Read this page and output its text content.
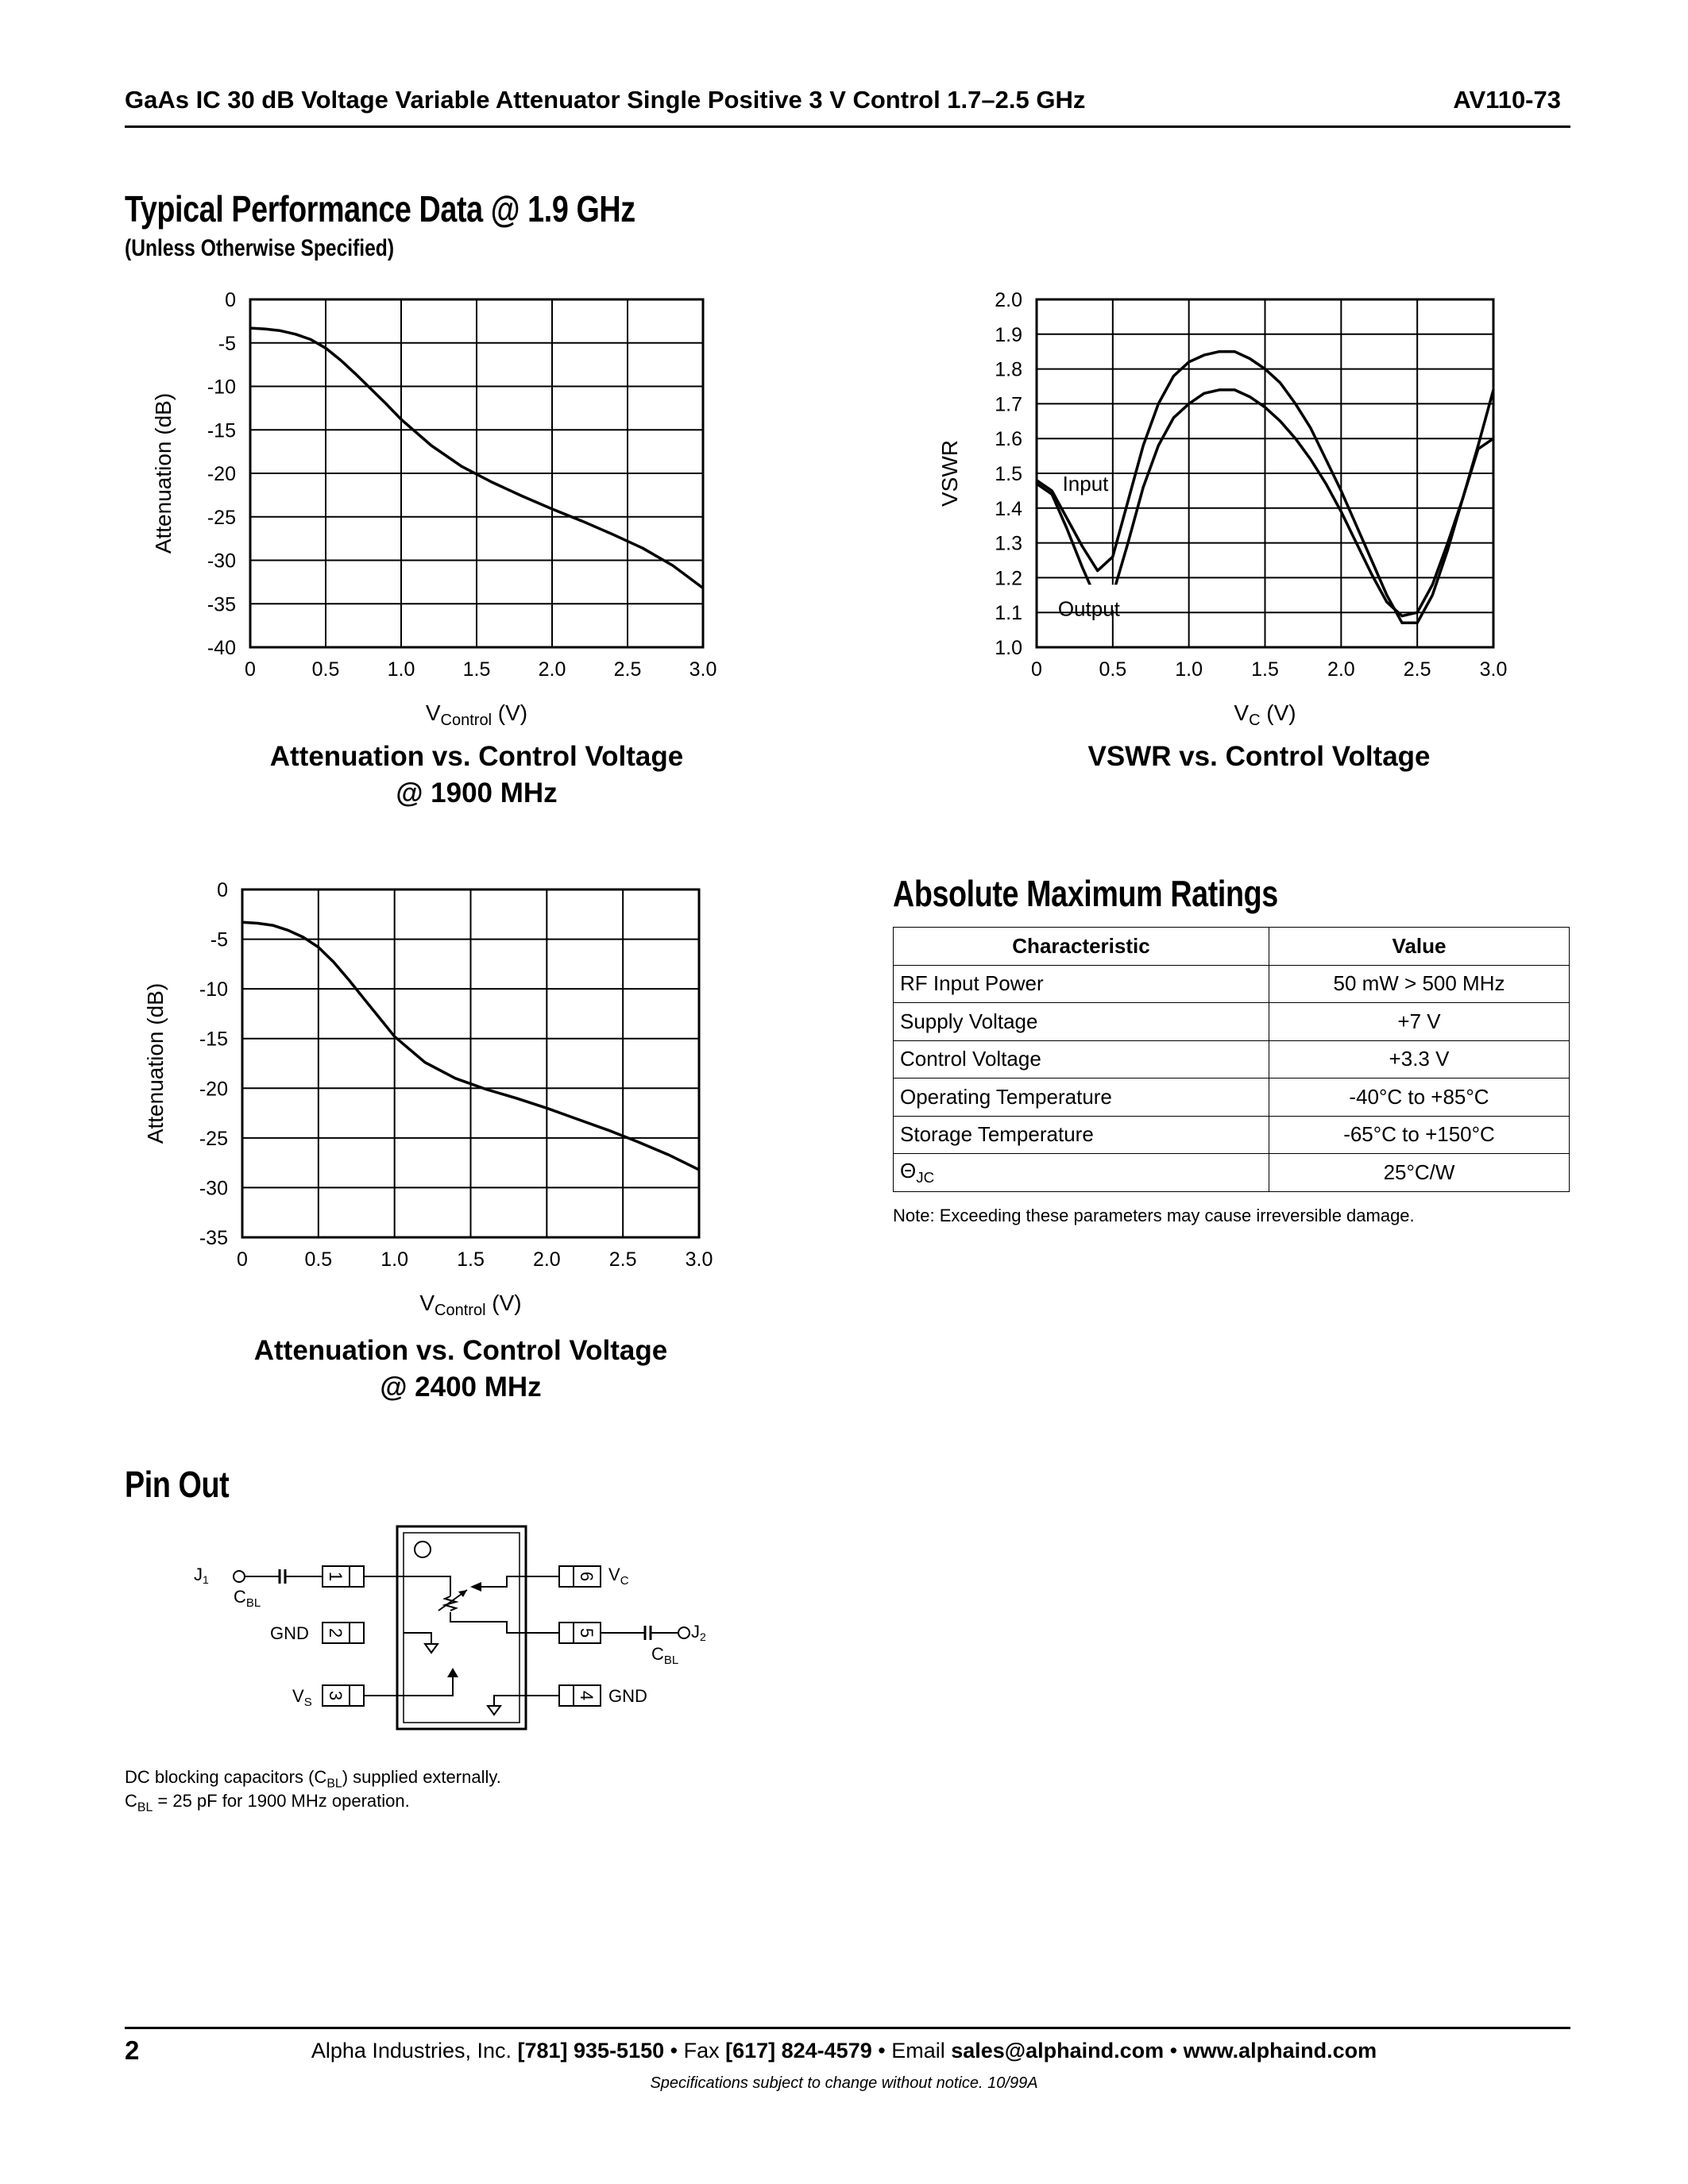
GaAs IC 30 dB Voltage Variable Attenuator Single Positive 3 V Control 1.7–2.5 GHz	AV110-73
Typical Performance Data @ 1.9 GHz
(Unless Otherwise Specified)
0	0.5 1.0 1.5 2.0 2.5 3.0
0
-5
-10
-15
-20
-25
-30
-35
-40
$V_{Control}$ (V)
Attenuation (dB)
Attenuation vs. Control Voltage
@ 1900 MHz
0	0.5 1.0 1.5 2.0 2.5 3.0
2.0
1.9
1.8
1.7
1.6
1.5
1.4
1.3
1.2
1.1
1.0
$V_C$ (V)
VSWR	Input
Output
VSWR vs. Control Voltage
0	0.5 1.0 1.5 2.0 2.5 3.0
0
-5
-10
-15
-20
-25
-30
-35
$V_{Control}$ (V)
Attenuation (dB)
Attenuation vs. Control Voltage
@ 2400 MHz
Absolute Maximum Ratings
Characteristic	Value
RF Input Power	50 mW > 500 MHz
Supply Voltage	+7 V
Control Voltage	+3.3 V
Operating Temperature	-40°C to +85°C
Storage Temperature	-65°C to +150°C
$\Theta_{JC}$	25°C/W
Note: Exceeding these parameters may cause irreversible damage.
Pin Out
1
2
3	4
5
6
J1
$C_{BL}$
GND
$V_S$
$V_C$
J2
$C_{BL}$
GND
DC blocking capacitors $(C_{BL})$ supplied externally.
$C_{BL} = 25$ pF for 1900 MHz operation.
2	Alpha Industries, Inc. [781] 935-5150 • Fax [617] 824-4579 • Email sales@alphaind.com • www.alphaind.com
Specifications subject to change without notice. 10/99A
